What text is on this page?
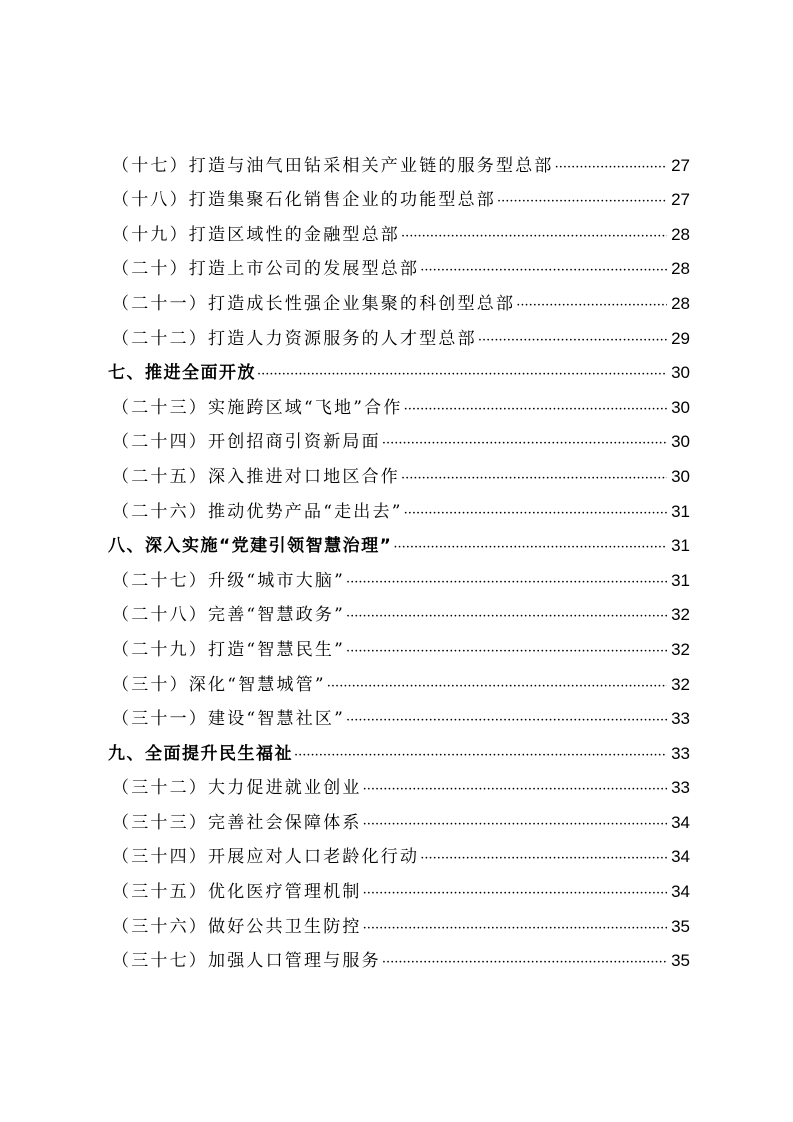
（十七）打造与油气田钻采相关产业链的服务型总部 ·····	27
（十八）打造集聚石化销售企业的功能型总部 ·····	27
（十九）打造区域性的金融型总部 ·····	28
（二十）打造上市公司的发展型总部 ·····	28
（二十一）打造成长性强企业集聚的科创型总部 ·····	28
（二十二）打造人力资源服务的人才型总部 ·····	29
七、推进全面开放 ·····	30
（二十三）实施跨区域“飞地”合作 ·····	30
（二十四）开创招商引资新局面 ·····	30
（二十五）深入推进对口地区合作 ·····	30
（二十六）推动优势产品“走出去” ·····	31
八、深入实施“党建引领智慧治理” ·····	31
（二十七）升级“城市大脑” ·····	31
（二十八）完善“智慧政务” ·····	32
（二十九）打造“智慧民生” ·····	32
（三十）深化“智慧城管” ·····	32
（三十一）建设“智慧社区” ·····	33
九、全面提升民生福祉 ·····	33
（三十二）大力促进就业创业 ·····	33
（三十三）完善社会保障体系 ·····	34
（三十四）开展应对人口老龄化行动 ·····	34
（三十五）优化医疗管理机制 ·····	34
（三十六）做好公共卫生防控 ·····	35
（三十七）加强人口管理与服务 ·····	35
